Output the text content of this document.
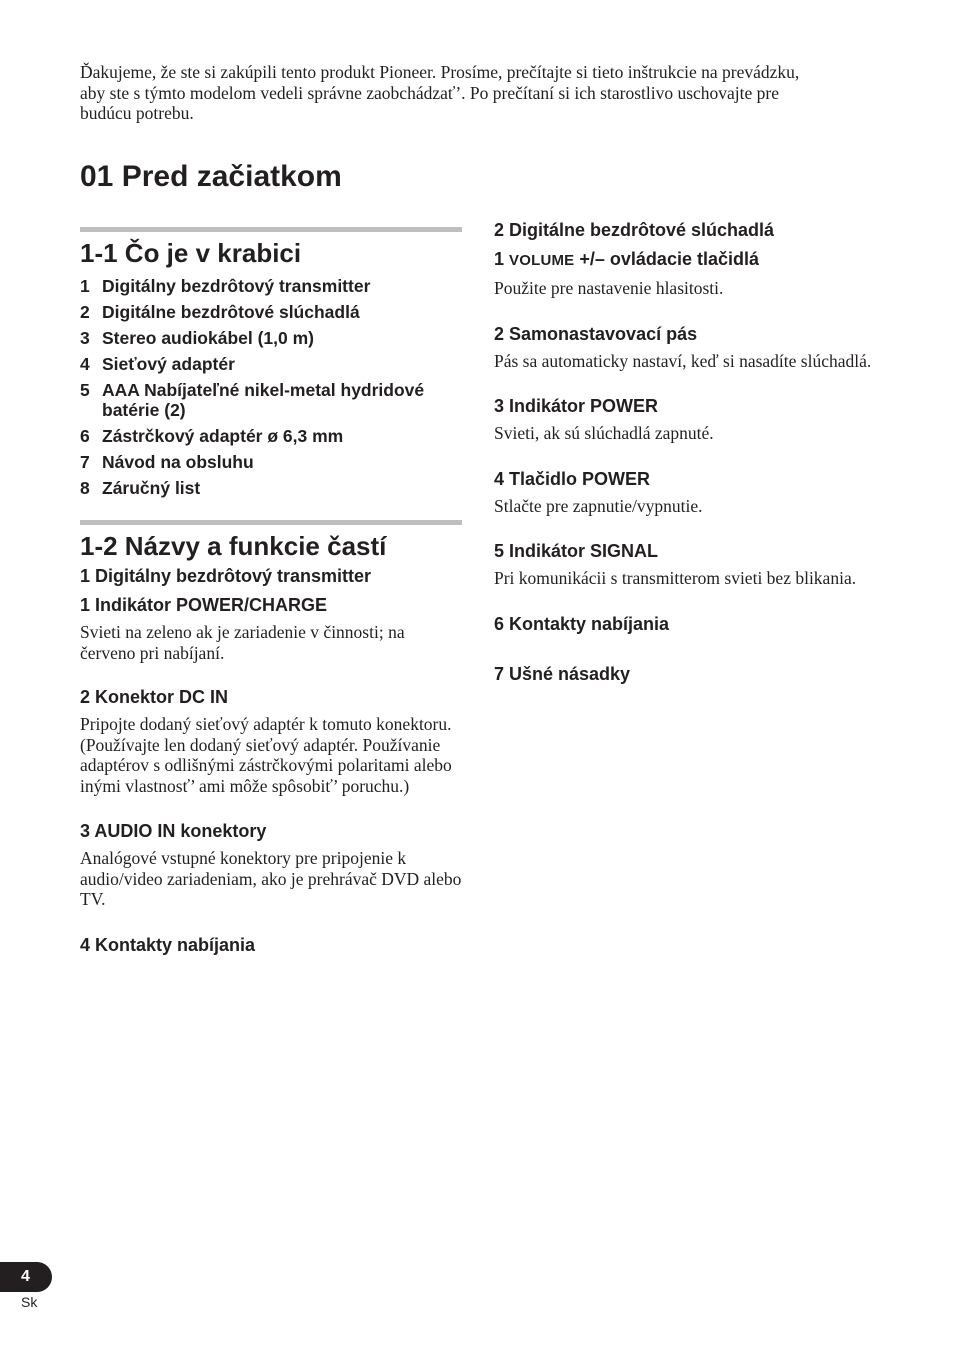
Ďakujeme, že ste si zakúpili tento produkt Pioneer. Prosíme, prečítajte si tieto inštrukcie na prevádzku,
aby ste s týmto modelom vedeli správne zaobchádzať’. Po prečítaní si ich starostlivo uschovajte pre
budúcu potrebu.
01 Pred začiatkom
1-1 Čo je v krabici
1 Digitálny bezdrôtový transmitter
2 Digitálne bezdrôtové slúchadlá
3 Stereo audiokábel (1,0 m)
4 Sieťový adaptér
5 AAA Nabíjateľné nikel-metal hydridové batérie (2)
6 Zástrčkový adaptér ø 6,3 mm
7 Návod na obsluhu
8 Záručný list
1-2 Názvy a funkcie častí
1 Digitálny bezdrôtový transmitter
1 Indikátor POWER/CHARGE

Svieti na zeleno ak je zariadenie v činnosti; na červeno pri nabíjaní.

2 Konektor DC IN

Pripojte dodaný sieťový adaptér k tomuto konektoru. (Používajte len dodaný sieťový adaptér. Používanie adaptérov s odlišnými zástrčkovými polaritami alebo inými vlastnosť’ ami môže spôsobiť’ poruchu.)

3 AUDIO IN konektory

Analógové vstupné konektory pre pripojenie k audio/video zariadeniam, ako je prehrávač DVD alebo TV.

4 Kontakty nabíjania
2 Digitálne bezdrôtové slúchadlá
1 VOLUME +/– ovládacie tlačidlá

Použite pre nastavenie hlasitosti.

2 Samonastavovací pás

Pás sa automaticky nastaví, keď si nasadíte slúchadlá.

3 Indikátor POWER

Svieti, ak sú slúchadlá zapnuté.

4 Tlačidlo POWER

Stlačte pre zapnutie/vypnutie.

5 Indikátor SIGNAL

Pri komunikácii s transmitterom svieti bez blikania.

6 Kontakty nabíjania
7 Ušné násadky
4
Sk
